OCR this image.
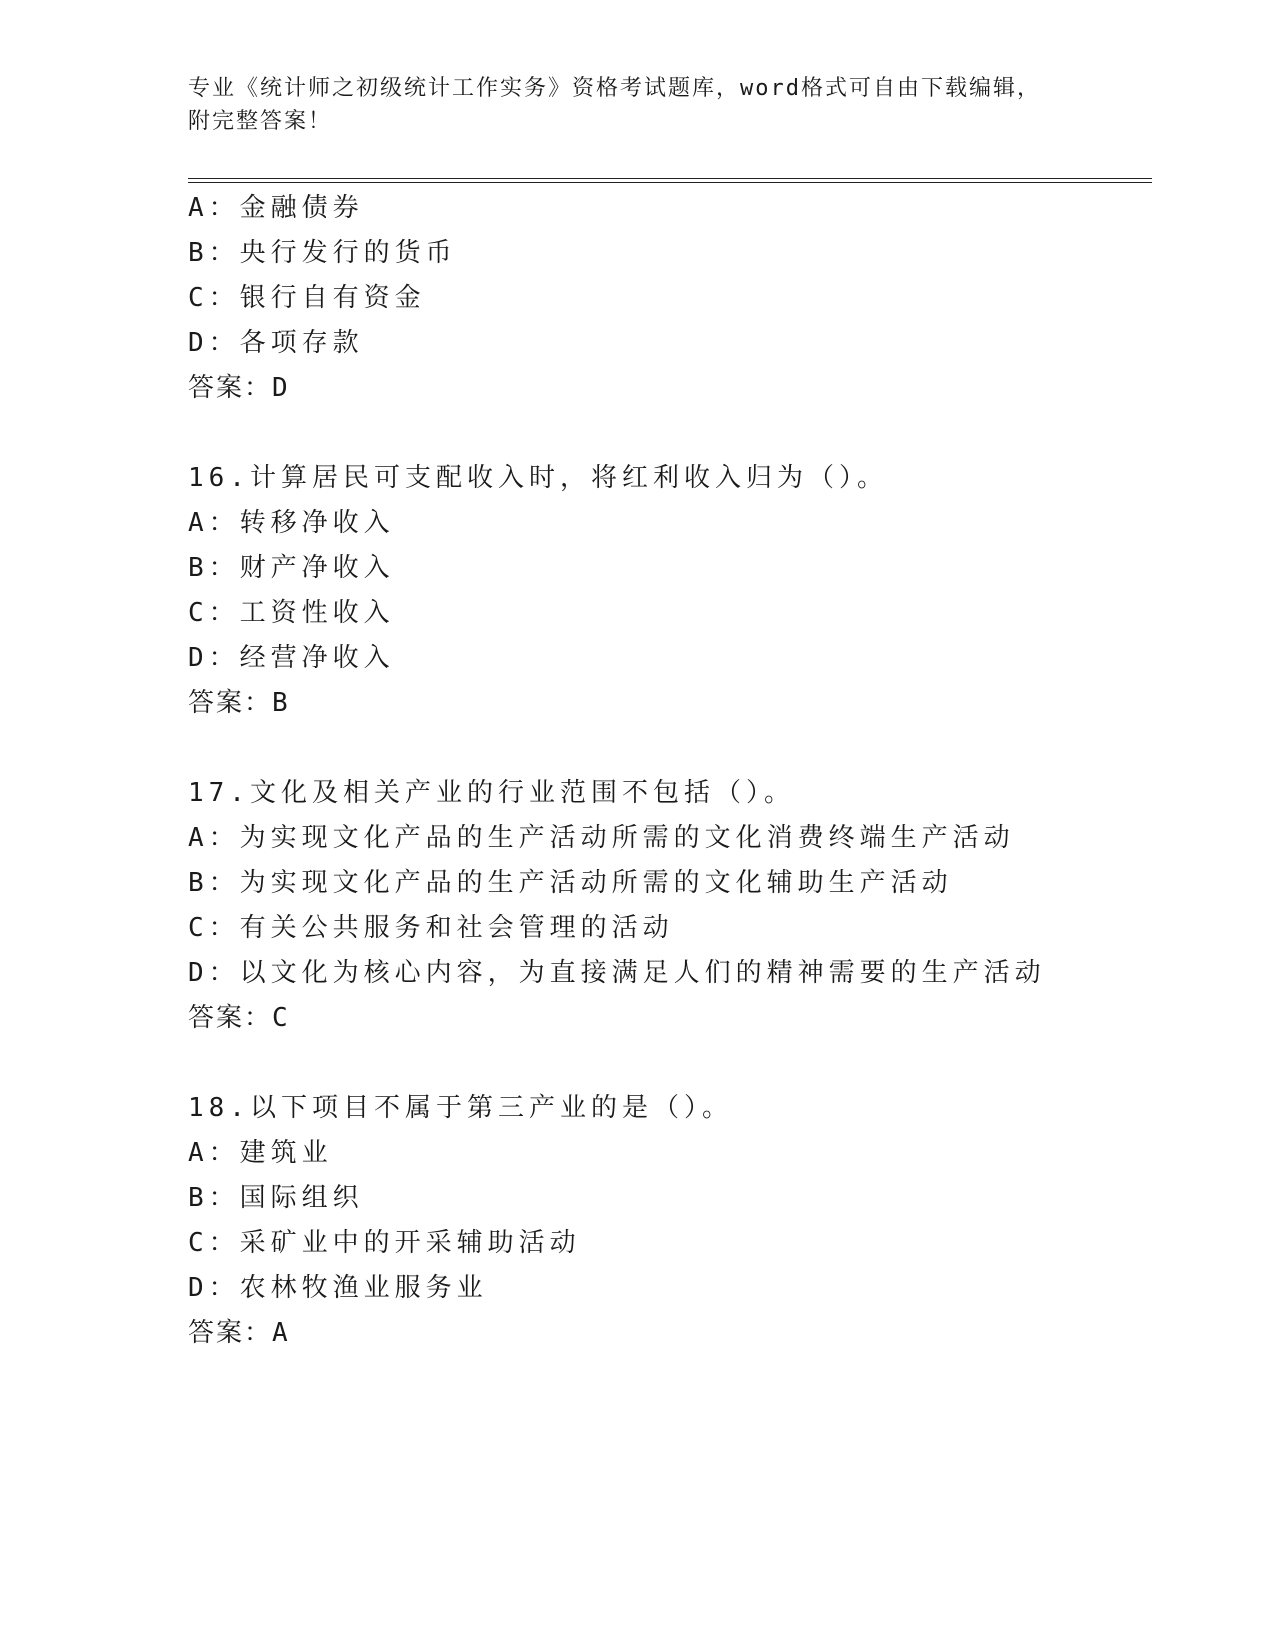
专业《统计师之初级统计工作实务》资格考试题库，word格式可自由下载编辑，
附完整答案！
A：金融债券
B：央行发行的货币
C：银行自有资金
D：各项存款
答案：D
16.计算居民可支配收入时，将红利收入归为（）。
A：转移净收入
B：财产净收入
C：工资性收入
D：经营净收入
答案：B
17.文化及相关产业的行业范围不包括（）。
A：为实现文化产品的生产活动所需的文化消费终端生产活动
B：为实现文化产品的生产活动所需的文化辅助生产活动
C：有关公共服务和社会管理的活动
D：以文化为核心内容，为直接满足人们的精神需要的生产活动
答案：C
18.以下项目不属于第三产业的是（）。
A：建筑业
B：国际组织
C：采矿业中的开采辅助活动
D：农林牧渔业服务业
答案：A
